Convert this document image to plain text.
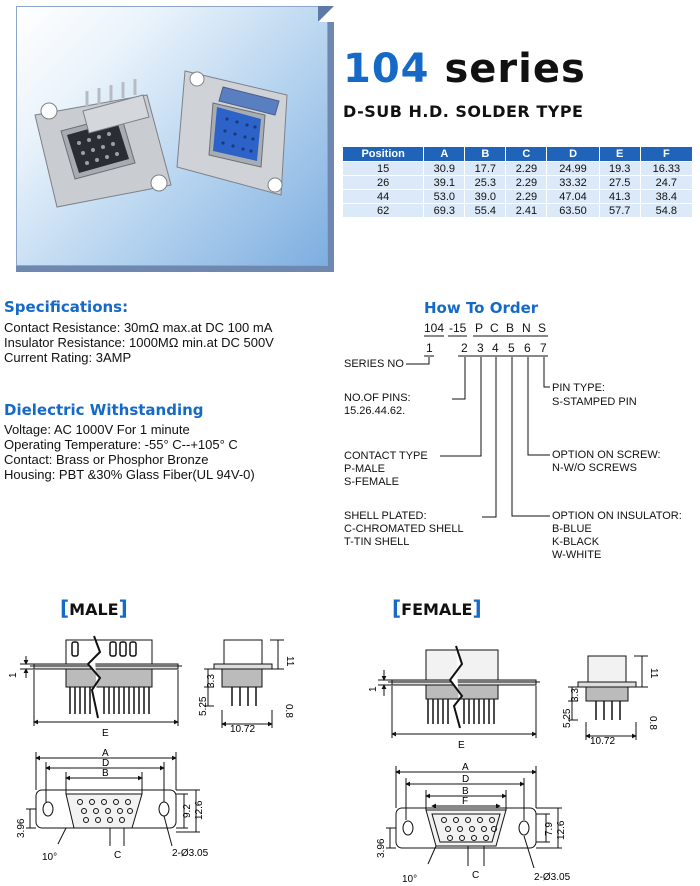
104 series
D-SUB H.D. SOLDER TYPE
Position	A	B	C	D	E	F
15	30.9	17.7	2.29	24.99	19.3	16.33
26	39.1	25.3	2.29	33.32	27.5	24.7
44	53.0	39.0	2.29	47.04	41.3	38.4
62	69.3	55.4	2.41	63.50	57.7	54.8
Specifications:
Contact Resistance: 30mΩ max.at DC 100 mA
Insulator Resistance: 1000MΩ min.at DC 500V
Current Rating: 3AMP
Dielectric Withstanding
Voltage: AC 1000V For 1 minute
Operating Temperature: -55° C--+105° C
Contact: Brass or Phosphor Bronze
Housing: PBT &30% Glass Fiber(UL 94V-0)
How To Order
104 -15 P C B N S
1 2 3 4 5 6 7
SERIES NO
NO.OF PINS:
15.26.44.62.
CONTACT TYPE
P-MALE
S-FEMALE
SHELL PLATED:
C-CHROMATED SHELL
T-TIN SHELL
PIN TYPE:
S-STAMPED PIN
OPTION ON SCREW:
N-W/O SCREWS
OPTION ON INSULATOR:
B-BLUE
K-BLACK
W-WHITE
[MALE]	[FEMALE]
1
E
11
3.3
5.25	0.8
10.72
A
D
B
9.2 12.6
3.96
10°	C	2-Ø3.05
1
E
11
3.3
5.25	0.8
10.72
A
D
B
F
7.9 12.6
3.96
10°	C	2-Ø3.05
